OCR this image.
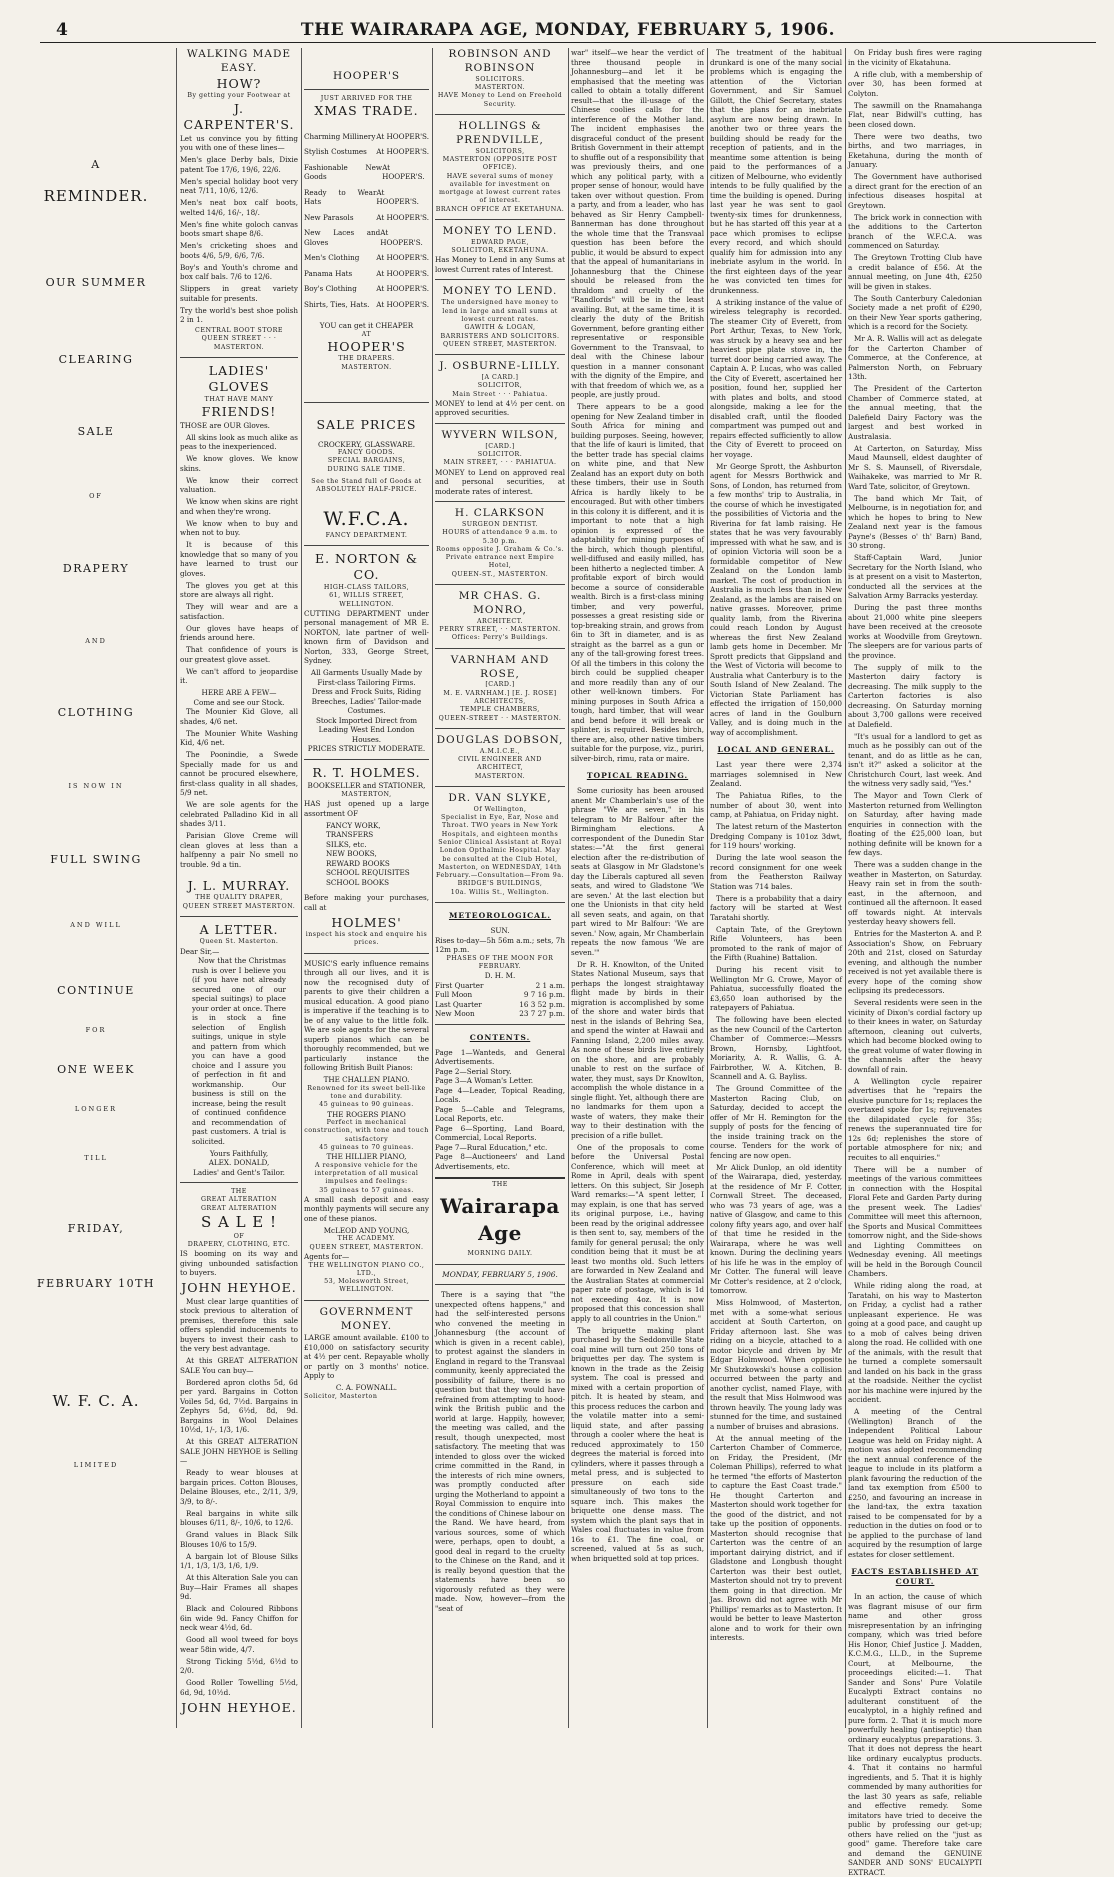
4	THE WAIRARAPA AGE, MONDAY, FEBRUARY 5, 1906.
A
REMINDER.
OUR SUMMER
CLEARING
SALE
OF
DRAPERY
AND
CLOTHING
IS NOW IN
FULL SWING
AND WILL
CONTINUE
FOR
ONE WEEK
LONGER
TILL
FRIDAY,
FEBRUARY 10TH
W. F. C. A.
LIMITED
WALKING MADE EASY.
HOW?
By getting your Footwear at
J. CARPENTER'S.

Let us convince you by fitting you with one of these lines—

Men's glace Derby bals, Dixie patent Toe 17/6, 19/6, 22/6.

Men's special holiday boot very neat 7/11, 10/6, 12/6.

Men's neat box calf boots, welted 14/6, 16/-, 18/.

Men's fine white goloch canvas boots smart shape 8/6.

Men's cricketing shoes and boots 4/6, 5/9, 6/6, 7/6.

Boy's and Youth's chrome and box calf bals. 7/6 to 12/6.

Slippers in great variety suitable for presents.

Try the world's best shoe polish 2 in 1.

CENTRAL BOOT STORE
QUEEN STREET · · · MASTERTON.
LADIES' GLOVES
THAT HAVE MANY
FRIENDS!

THOSE are OUR Gloves.

All skins look as much alike as peas to the inexperienced.

We know gloves. We know skins.

We know their correct valuation.

We know when skins are right and when they're wrong.

We know when to buy and when not to buy.

It is because of this knowledge that so many of you have learned to trust our gloves.

The gloves you get at this store are always all right.

They will wear and are a satisfaction.

Our gloves have heaps of friends around here.

That confidence of yours is our greatest glove asset.

We can't afford to jeopardise it.

HERE ARE A FEW—
Come and see our Stock.

The Mounier Kid Glove, all shades, 4/6 net.

The Mounier White Washing Kid, 4/6 net.

The Poonindie, a Swede Specially made for us and cannot be procured elsewhere, first-class quality in all shades, 5/9 net.

We are sole agents for the celebrated Palladino Kid in all shades 3/11.

Parisian Glove Creme will clean gloves at less than a halfpenny a pair No smell no trouble. 9d a tin.

J. L. MURRAY.
THE QUALITY DRAPER,
QUEEN STREET MASTERTON.
A LETTER.
Queen St. Masterton.
Dear Sir,—

Now that the Christmas rush is over I believe you (if you have not already secured one of our special suitings) to place your order at once. There is in stock a fine selection of English suitings, unique in style and pattern from which you can have a good choice and I assure you of perfection in fit and workmanship. Our business is still on the increase, being the result of continued confidence and recommendation of past customers. A trial is solicited.

Yours Faithfully,
ALEX. DONALD,
Ladies' and Gent's Tailor.
THE
GREAT ALTERATION
GREAT ALTERATION
S A L E !
OF
DRAPERY, CLOTHING, ETC.

IS booming on its way and giving unbounded satisfaction to buyers.

JOHN HEYHOE.

Must clear large quantities of stock previous to alteration of premises, therefore this sale offers splendid inducements to buyers to invest their cash to the very best advantage.

At this GREAT ALTERATION SALE You can buy—

Bordered apron cloths 5d, 6d per yard. Bargains in Cotton Voiles 5d, 6d, 7½d. Bargains in Zephyrs 5d, 6½d, 8d, 9d. Bargains in Wool Delaines 10½d, 1/-, 1/3, 1/6.

At this GREAT ALTERATION SALE JOHN HEYHOE is Selling—

Ready to wear blouses at bargain prices. Cotton Blouses, Delaine Blouses, etc., 2/11, 3/9, 3/9, to 8/-.

Real bargains in white silk blouses 6/11, 8/-, 10/6, to 12/6.

Grand values in Black Silk Blouses 10/6 to 15/9.

A bargain lot of Blouse Silks 1/1, 1/3, 1/3, 1/6, 1/9.

At this Alteration Sale you can Buy—Hair Frames all shapes 9d.

Black and Coloured Ribbons 6in wide 9d. Fancy Chiffon for neck wear 4½d, 6d.

Good all wool tweed for boys wear 58in wide, 4/7.

Strong Ticking 5½d, 6½d to 2/0.

Good Roller Towelling 5½d, 6d, 9d, 10½d.

JOHN HEYHOE.
HOOPER'S
JUST ARRIVED FOR THE
XMAS TRADE.
Charming Millinery At HOOPER'S.
Stylish Costumes At HOOPER'S.
Fashionable New Goods
At HOOPER'S.
Ready to Wear Hats
At HOOPER'S.
New Parasols	At HOOPER'S.
New Laces and Gloves
At HOOPER'S.
Men's Clothing At HOOPER'S.
Panama Hats	At HOOPER'S.
Boy's Clothing	At HOOPER'S.
Shirts, Ties, Hats. At HOOPER'S.
YOU can get it CHEAPER
AT
HOOPER'S
THE DRAPERS.
MASTERTON.
SALE PRICES
CROCKERY, GLASSWARE.
FANCY GOODS.
SPECIAL BARGAINS,
DURING SALE TIME.
See the Stand full of Goods at
ABSOLUTELY HALF-PRICE.
W.F.C.A.
FANCY DEPARTMENT.
E. NORTON & CO.
HIGH-CLASS TAILORS,
61, WILLIS STREET, WELLINGTON.

CUTTING DEPARTMENT under personal management of MR E. NORTON, late partner of well-known firm of Davidson and Norton, 333, George Street, Sydney.

All Garments Usually Made by First-class Tailoring Firms.
Dress and Frock Suits, Riding Breeches, Ladies' Tailor-made Costumes.
Stock Imported Direct from Leading West End London Houses.
PRICES STRICTLY MODERATE.
R. T. HOLMES.
BOOKSELLER and STATIONER,
MASTERTON,

HAS just opened up a large assortment OF

FANCY WORK,
TRANSFERS
SILKS, etc.
NEW BOOKS,
REWARD BOOKS
SCHOOL REQUISITES
SCHOOL BOOKS

Before making your purchases, call at

HOLMES'
inspect his stock and enquire his prices.

MUSIC'S early influence remains through all our lives, and it is now the recognised duty of parents to give their children a musical education. A good piano is imperative if the teaching is to be of any value to the little folk. We are sole agents for the several superb pianos which can be thoroughly recommended, but we particularly instance the following British Built Pianos:

THE CHALLEN PIANO.
Renowned for its sweet bell-like tone and durability.
45 guineas to 90 guineas.
THE ROGERS PIANO
Perfect in mechanical construction, with tone and touch satisfactory
45 guineas to 70 guineas.
THE HILLIER PIANO,
A responsive vehicle for the interpretation of all musical impulses and feelings:
35 guineas to 57 guineas.

A small cash deposit and easy monthly payments will secure any one of these pianos.

McLEOD AND YOUNG,
THE ACADEMY.
QUEEN STREET, MASTERTON.
Agents for—
THE WELLINGTON PIANO CO., LTD.,
53, Molesworth Street,
WELLINGTON.
GOVERNMENT MONEY.

LARGE amount available. £100 to £10,000 on satisfactory security at 4½ per cent. Repayable wholly or partly on 3 months' notice. Apply to

C. A. FOWNALL.
Solicitor, Masterton
ROBINSON AND ROBINSON
SOLICITORS.
MASTERTON.
HAVE Money to Lend on Freehold Security.
HOLLINGS & PRENDVILLE,
SOLICITORS,
MASTERTON (OPPOSITE POST OFFICE).
HAVE several sums of money available for investment on mortgage at lowest current rates of interest.
BRANCH OFFICE AT EKETAHUNA.
MONEY TO LEND.
EDWARD PAGE,
SOLICITOR, EKETAHUNA.
Has Money to Lend in any Sums at lowest Current rates of Interest.
MONEY TO LEND.
The undersigned have money to lend in large and small sums at lowest current rates.
GAWITH & LOGAN,
BARRISTERS AND SOLICITORS.
QUEEN STREET, MASTERTON.
J. OSBURNE-LILLY.
[A CARD.]
SOLICITOR,
Main Street · · · Pahiatua.
MONEY to lend at 4½ per cent. on approved securities.
WYVERN WILSON,
[CARD.]
SOLICITOR.
MAIN STREET, · · · PAHIATUA.
MONEY to Lend on approved real and personal securities, at moderate rates of interest.
H. CLARKSON
SURGEON DENTIST.
HOURS of attendance 9 a.m. to 5.30 p.m.
Rooms opposite J. Graham & Co.'s. Private entrance next Empire Hotel,
QUEEN-ST., MASTERTON.
MR CHAS. G. MONRO,
ARCHITECT.
PERRY STREET, · · MASTERTON.
Offices: Perry's Buildings.
VARNHAM AND ROSE,
[CARD.]
M. E. VARNHAM.] [E. J. ROSE]
ARCHITECTS,
TEMPLE CHAMBERS,
QUEEN-STREET · · MASTERTON.
DOUGLAS DOBSON,
A.M.I.C.E.,
CIVIL ENGINEER AND ARCHITECT,
MASTERTON.
DR. VAN SLYKE,
Of Wellington,
Specialist in Eye, Ear, Nose and Throat. TWO years in New York Hospitals, and eighteen months Senior Clinical Assistant at Royal London Opthalmic Hospital. May be consulted at the Club Hotel, Masterton, on WEDNESDAY, 14th February.—Consultation—From 9a.
BRIDGE'S BUILDINGS,
10a. Willis St., Wellington.
METEOROLOGICAL.
SUN.
Rises to-day—5h 56m a.m.; sets, 7h 12m p.m.
PHASES OF THE MOON FOR FEBRUARY.
D. H. M.
First Quarter	2 1 a.m.
Full Moon	9 7 16 p.m.
Last Quarter	16 3 52 p.m.
New Moon	23 7 27 p.m.
CONTENTS.
Page 1—Wanteds, and General Advertisements.
Page 2—Serial Story.
Page 3—A Woman's Letter.
Page 4—Leader, Topical Reading, Locals.
Page 5—Cable and Telegrams, Local Reports, etc.
Page 6—Sporting, Land Board, Commercial, Local Reports.
Page 7—Rural Education," etc.
Page 8—Auctioneers' and Land Advertisements, etc.
THE
Wairarapa Age
MORNING DAILY.
MONDAY, FEBRUARY 5, 1906.

There is a saying that "the unexpected oftens happens," and had the self-interested persons who convened the meeting in Johannesburg (the account of which is given in a recent cable), to protest against the slanders in England in regard to the Transvaal community, keenly appreciated the possibility of failure, there is no question but that they would have refrained from attempting to hood-wink the British public and the world at large. Happily, however, the meeting was called, and the result, though unexpected, most satisfactory. The meeting that was intended to gloss over the wicked crime committed in the Rand, in the interests of rich mine owners, was promptly conducted after urging the Motherland to appoint a Royal Commission to enquire into the conditions of Chinese labour on the Rand. We have heard, from various sources, some of which were, perhaps, open to doubt, a good deal in regard to the cruelty to the Chinese on the Rand, and it is really beyond question that the statements have been so vigorously refuted as they were made. Now, however—from the "seat of

war" itself—we hear the verdict of three thousand people in Johannesburg—and let it be emphasised that the meeting was called to obtain a totally different result—that the ill-usage of the Chinese coolies calls for the interference of the Mother land. The incident emphasises the disgraceful conduct of the present British Government in their attempt to shuffle out of a responsibility that was previously theirs, and one which any political party, with a proper sense of honour, would have taken over without question. From a party, and from a leader, who has behaved as Sir Henry Campbell-Bannerman has done throughout the whole time that the Transvaal question has been before the public, it would be absurd to expect that the appeal of humanitarians in Johannesburg that the Chinese should be released from the thraldom and cruelty of the "Randlords" will be in the least availing. But, at the same time, it is clearly the duty of the British Government, before granting either representative or responsible Government to the Transvaal, to deal with the Chinese labour question in a manner consonant with the dignity of the Empire, and with that freedom of which we, as a people, are justly proud.

There appears to be a good opening for New Zealand timber in South Africa for mining and building purposes. Seeing, however, that the life of kauri is limited, that the better trade has special claims on white pine, and that New Zealand has an export duty on both these timbers, their use in South Africa is hardly likely to be encouraged. But with other timbers in this colony it is different, and it is important to note that a high opinion is expressed of the adaptability for mining purposes of the birch, which though plentiful, well-diffused and easily milled, has been hitherto a neglected timber. A profitable export of birch would become a source of considerable wealth. Birch is a first-class mining timber, and very powerful, possesses a great resisting side or top-breaking strain, and grows from 6in to 3ft in diameter, and is as straight as the barrel as a gun or any of the tall-growing forest trees. Of all the timbers in this colony the birch could be supplied cheaper and more readily than any of our other well-known timbers. For mining purposes in South Africa a tough, hard timber, that will wear and bend before it will break or splinter, is required. Besides birch, there are, also, other native timbers suitable for the purpose, viz., puriri, silver-birch, rimu, rata or maire.

TOPICAL READING.

Some curiosity has been aroused anent Mr Chamberlain's use of the phrase "We are seven," in his telegram to Mr Balfour after the Birmingham elections. A correspondent of the Dunedin Star states:—"At the first general election after the re-distribution of seats at Glasgow in Mr Gladstone's day the Liberals captured all seven seats, and wired to Gladstone 'We are seven.' At the last election but one the Unionists in that city held all seven seats, and again, on that part wired to Mr Balfour: 'We are seven.' Now, again, Mr Chamberlain repeats the now famous 'We are seven.'"

Dr R. H. Knowlton, of the United States National Museum, says that perhaps the longest straightaway flight made by birds in their migration is accomplished by some of the shore and water birds that nest in the islands of Behring Sea, and spend the winter at Hawaii and Fanning Island, 2,200 miles away. As none of these birds live entirely on the shore, and are probably unable to rest on the surface of water, they must, says Dr Knowlton, accomplish the whole distance in a single flight. Yet, although there are no landmarks for them upon a waste of waters, they make their way to their destination with the precision of a rifle bullet.

One of the proposals to come before the Universal Postal Conference, which will meet at Rome in April, deals with spent letters. On this subject, Sir Joseph Ward remarks:—"A spent letter, I may explain, is one that has served its original purpose, i.e., having been read by the original addressee is then sent to, say, members of the family for general perusal; the only condition being that it must be at least two months old. Such letters are forwarded in New Zealand and the Australian States at commercial paper rate of postage, which is 1d not exceeding 4oz. It is now proposed that this concession shall apply to all countries in the Union."

The briquette making plant purchased by the Seddonville State coal mine will turn out 250 tons of briquettes per day. The system is known in the trade as the Zeisig system. The coal is pressed and mixed with a certain proportion of pitch. It is heated by steam, and this process reduces the carbon and the volatile matter into a semi-liquid state, and after passing through a cooler where the heat is reduced approximately to 150 degrees the material is forced into cylinders, where it passes through a metal press, and is subjected to pressure on each side simultaneously of two tons to the square inch. This makes the briquette one dense mass. The system which the plant says that in Wales coal fluctuates in value from 16s to £1. The fine coal, or screened, valued at 5s as such, when briquetted sold at top prices.

The treatment of the habitual drunkard is one of the many social problems which is engaging the attention of the Victorian Government, and Sir Samuel Gillott, the Chief Secretary, states that the plans for an inebriate asylum are now being drawn. In another two or three years the building should be ready for the reception of patients, and in the meantime some attention is being paid to the performances of a citizen of Melbourne, who evidently intends to be fully qualified by the time the building is opened. During last year he was sent to gaol twenty-six times for drunkenness, but he has started off this year at a pace which promises to eclipse every record, and which should qualify him for admission into any inebriate asylum in the world. In the first eighteen days of the year he was convicted ten times for drunkenness.

A striking instance of the value of wireless telegraphy is recorded. The steamer City of Everett, from Port Arthur, Texas, to New York, was struck by a heavy sea and her heaviest pipe plate stove in, the turret door being carried away. The Captain A. P. Lucas, who was called the City of Everett, ascertained her position, found her, supplied her with plates and bolts, and stood alongside, making a lee for the disabled craft, until the flooded compartment was pumped out and repairs effected sufficiently to allow the City of Everett to proceed on her voyage.

Mr George Sprott, the Ashburton agent for Messrs Borthwick and Sons, of London, has returned from a few months' trip to Australia, in the course of which he investigated the possibilities of Victoria and the Riverina for fat lamb raising. He states that he was very favourably impressed with what he saw, and is of opinion Victoria will soon be a formidable competitor of New Zealand on the London lamb market. The cost of production in Australia is much less than in New Zealand, as the lambs are raised on native grasses. Moreover, prime quality lamb, from the Riverina could reach London by August whereas the first New Zealand lamb gets home in December. Mr Sprott predicts that Gippsland and the West of Victoria will become to Australia what Canterbury is to the South Island of New Zealand. The Victorian State Parliament has effected the irrigation of 150,000 acres of land in the Goulburn Valley, and is doing much in the way of accomplishment.

LOCAL AND GENERAL.

Last year there were 2,374 marriages solemnised in New Zealand.

The Pahiatua Rifles, to the number of about 30, went into camp, at Pahiatua, on Friday night.

The latest return of the Masterton Dredging Company is 101oz 3dwt, for 119 hours' working.

During the late wool season the record consignment for one week from the Featherston Railway Station was 714 bales.

There is a probability that a dairy factory will be started at West Taratahi shortly.

Captain Tate, of the Greytown Rifle Volunteers, has been promoted to the rank of major of the Fifth (Ruahine) Battalion.

During his recent visit to Wellington Mr G. Crowe, Mayor of Pahiatua, successfully floated the £3,650 loan authorised by the ratepayers of Pahiatua.

The following have been elected as the new Council of the Carterton Chamber of Commerce:—Messrs Brown, Hornsby, Lightfoot, Moriarity, A. R. Wallis, G. A. Fairbrother, W. A. Kitchen, B. Scannell and A. G. Bayliss.

The Ground Committee of the Masterton Racing Club, on Saturday, decided to accept the offer of Mr H. Remington for the supply of posts for the fencing of the inside training track on the course. Tenders for the work of fencing are now open.

Mr Alick Dunlop, an old identity of the Wairarapa, died, yesterday, at the residence of Mr F. Cotter, Cornwall Street. The deceased, who was 73 years of age, was a native of Glasgow, and came to this colony fifty years ago, and over half of that time he resided in the Wairarapa, where he was well known. During the declining years of his life he was in the employ of Mr Cotter. The funeral will leave Mr Cotter's residence, at 2 o'clock, tomorrow.

Miss Holmwood, of Masterton, met with a some-what serious accident at South Carterton, on Friday afternoon last. She was riding on a bicycle, attached to a motor bicycle and driven by Mr Edgar Holmwood. When opposite Mr Shutzkowski's house a collision occurred between the party and another cyclist, named Flaye, with the result that Miss Holmwood was thrown heavily. The young lady was stunned for the time, and sustained a number of bruises and abrasions.

At the annual meeting of the Carterton Chamber of Commerce, on Friday, the President, (Mr Coleman Phillips), referred to what he termed "the efforts of Masterton to capture the East Coast trade." He thought Carterton and Masterton should work together for the good of the district, and not take up the position of opponents. Masterton should recognise that Carterton was the centre of an important dairying district, and if Gladstone and Longbush thought Carterton was their best outlet, Masterton should not try to prevent them going in that direction. Mr Jas. Brown did not agree with Mr Phillips' remarks as to Masterton. It would be better to leave Masterton alone and to work for their own interests.

On Friday bush fires were raging in the vicinity of Ekatahuna.

A rifle club, with a membership of over 30, has been formed at Colyton.

The sawmill on the Rnamahanga Flat, near Bidwill's cutting, has been closed down.

There were two deaths, two births, and two marriages, in Eketahuna, during the month of January.

The Government have authorised a direct grant for the erection of an infectious diseases hospital at Greytown.

The brick work in connection with the additions to the Carterton branch of the W.F.C.A. was commenced on Saturday.

The Greytown Trotting Club have a credit balance of £56. At the annual meeting, on June 4th, £250 will be given in stakes.

The South Canterbury Caledonian Society made a net profit of £290, on their New Year sports gathering, which is a record for the Society.

Mr A. R. Wallis will act as delegate for the Carterton Chamber of Commerce, at the Conference, at Palmerston North, on February 13th.

The President of the Carterton Chamber of Commerce stated, at the annual meeting, that the Dalefield Dairy Factory was the largest and best worked in Australasia.

At Carterton, on Saturday, Miss Maud Maunsell, eldest daughter of Mr S. S. Maunsell, of Riversdale, Waihakeke, was married to Mr R. Ward Tate, solicitor, of Greytown.

The band which Mr Tait, of Melbourne, is in negotiation for, and which he hopes to bring to New Zealand next year is the famous Payne's (Besses o' th' Barn) Band, 30 strong.

Staff-Captain Ward, Junior Secretary for the North Island, who is at present on a visit to Masterton, conducted all the services at the Salvation Army Barracks yesterday.

During the past three months about 21,000 white pine sleepers have been received at the creosote works at Woodville from Greytown. The sleepers are for various parts of the province.

The supply of milk to the Masterton dairy factory is decreasing. The milk supply to the Carterton factories is also decreasing. On Saturday morning about 3,700 gallons were received at Dalefield.

"It's usual for a landlord to get as much as he possibly can out of the tenant, and do as little as he can, isn't it?" asked a solicitor at the Christchurch Court, last week. And the witness very sadly said, "Yes."

The Mayor and Town Clerk of Masterton returned from Wellington on Saturday, after having made enquiries in connection with the floating of the £25,000 loan, but nothing definite will be known for a few days.

There was a sudden change in the weather in Masterton, on Saturday. Heavy rain set in from the south-east, in the afternoon, and continued all the afternoon. It eased off towards night. At intervals yesterday heavy showers fell.

Entries for the Masterton A. and P. Association's Show, on February 20th and 21st, closed on Saturday evening, and although the number received is not yet available there is every hope of the coming show eclipsing its predecessors.

Several residents were seen in the vicinity of Dixon's cordial factory up to their knees in water, on Saturday afternoon, cleaning out culverts, which had become blocked owing to the great volume of water flowing in the channels after the heavy downfall of rain.

A Wellington cycle repairer advertises that he "repairs the elusive puncture for 1s; replaces the overtaxed spoke for 1s; rejuvenates the dilapidated cycle for 35s; renews the superannuated tire for 12s 6d; replenishes the store of portable atmosphere for nix; and recuites to all enquiries."

There will be a number of meetings of the various committees in connection with the Hospital Floral Fete and Garden Party during the present week. The Ladies' Committee will meet this afternoon, the Sports and Musical Committees tomorrow night, and the Side-shows and Lighting Committees on Wednesday evening. All meetings will be held in the Borough Council Chambers.

While riding along the road, at Taratahi, on his way to Masterton on Friday, a cyclist had a rather unpleasant experience. He was going at a good pace, and caught up to a mob of calves being driven along the road. He collided with one of the animals, with the result that he turned a complete somersault and landed on his back in the grass at the roadside. Neither the cyclist nor his machine were injured by the accident.

A meeting of the Central (Wellington) Branch of the Independent Political Labour League was held on Friday night. A motion was adopted recommending the next annual conference of the league to include in its platform a plank favouring the reduction of the land tax exemption from £500 to £250, and favouring an increase in the land-tax, the extra taxation raised to be compensated for by a reduction in the duties on food or to be applied to the purchase of land acquired by the resumption of large estates for closer settlement.

FACTS ESTABLISHED AT COURT.

In an action, the cause of which was flagrant misuse of our firm name and other gross misrepresentation by an infringing company, which was tried before His Honor, Chief Justice J. Madden, K.C.M.G., LL.D., in the Supreme Court, at Melbourne, the proceedings elicited:—1. That Sander and Sons' Pure Volatile Eucalypti Extract contains no adulterant constituent of the eucalyptol, in a highly refined and pure form. 2. That it is much more powerfully healing (antiseptic) than ordinary eucalyptus preparations. 3. That it does not depress the heart like ordinary eucalyptus products. 4. That it contains no harmful ingredients, and 5. That it is highly commended by many authorities for the last 30 years as safe, reliable and effective remedy. Some imitators have tried to deceive the public by professing our get-up; others have relied on the "just as good" game. Therefore take care and demand the GENUINE SANDER AND SONS' EUCALYPTI EXTRACT.
